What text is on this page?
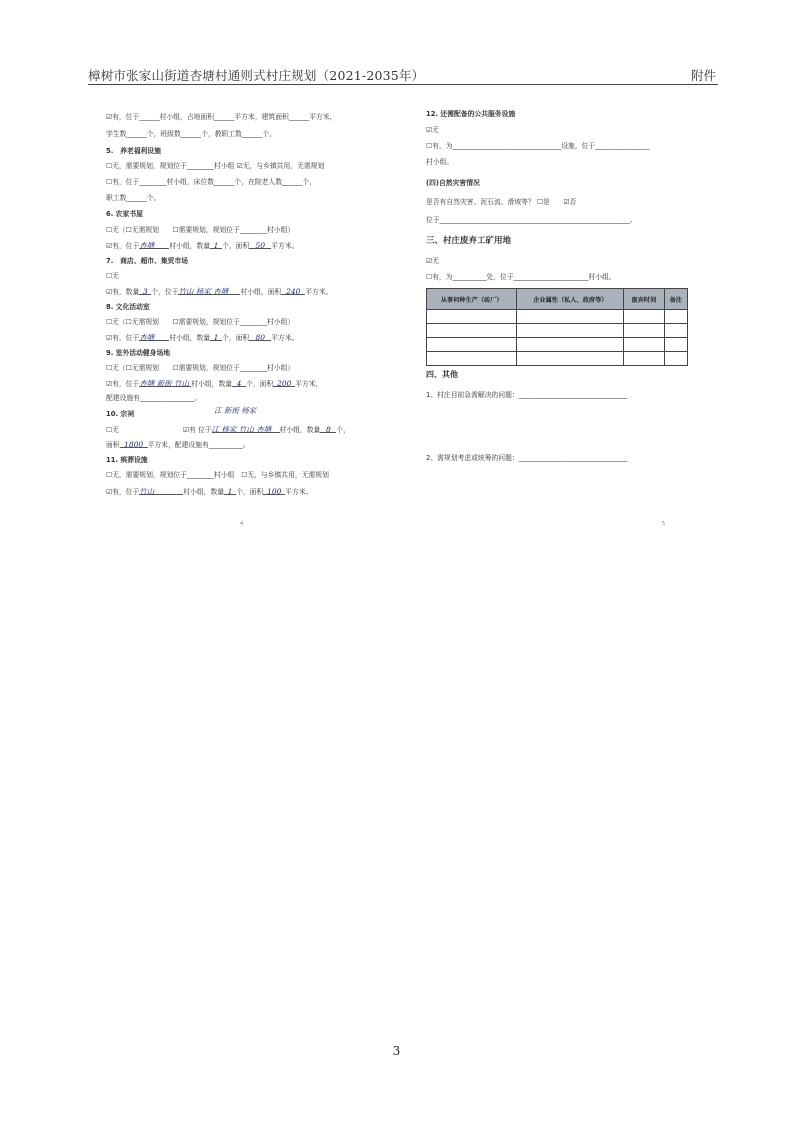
樟树市张家山街道杏塘村通则式村庄规划（2021-2035年）	附件
☑有，位于______村小组，占地面积______平方米，建筑面积______平方米，
学生数______个，班级数______个，教职工数______个。
5.　养老福利设施
☐无，需要规划，规划位于________村小组 ☑无，与乡镇共用，无需规划
☐有，位于________村小组，床位数______个，在院老人数______个，
职工数______个。
6. 农家书屋
☐无（☐无需规划　　☐需要规划，规划位于________村小组）
☑有，位于杏塘 村小组，数量 1 个，面积 50 平方米。
7.　商店、超市、集贸市场
☐无
☑有，数量 3 个，位于竹山 杨家 杏塘 村小组，面积 240 平方米。
8. 文化活动室
☐无（☐无需规划　　☐需要规划，规划位于________村小组）
☑有，位于杏塘 村小组，数量 1 个，面积 80 平方米。
9. 室外活动健身场地
☐无（☐无需规划　　☐需要规划，规划位于________村小组）
☑有，位于杏塘 新街 竹山 村小组，数量 4 个，面积 200 平方米，
配建设施有________________。
10. 宗祠	江 新街 杨家
☐无	☑有 位于江 杨家 竹山 杏塘 村小组，数量 8 个，
面积 1800 平方米，配建设施有__________。
11. 殡葬设施
☐无，需要规划，规划位于________村小组　☐无，与乡镇共用，无需规划
☑有，位于竹山	村小组，数量 1 个，面积 100 平方米。
4
12. 还需配备的公共服务设施
☑无
☐有，为________________________________设施，位于________________
村小组。
(四)自然灾害情况
是否有自然灾害、泥石流、滑坡等？ ☐是　　☑否
位于________________________________________________________。
三、村庄废弃工矿用地
☑无
☐有，为__________处，位于______________________村小组。
从事何种生产（砖厂）	企业属性（私人、政府等）	废弃时间	备注

四、其他
1、村庄目前急需解决的问题：________________________________
2、需规划考虑或统筹的问题：________________________________
5
3
